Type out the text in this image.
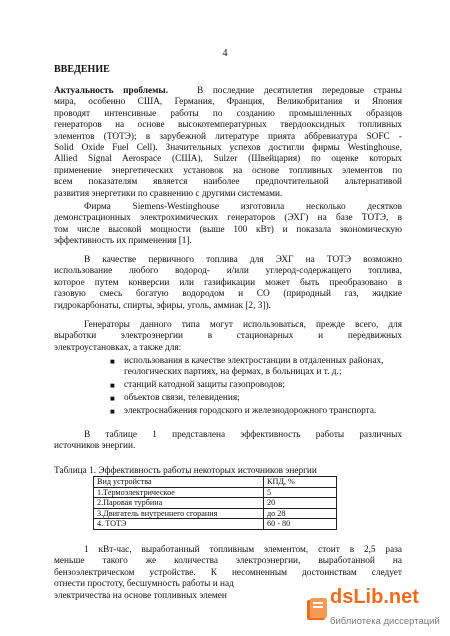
4
ВВЕДЕНИЕ
Актуальность проблемы.	В последние десятилетия передовые страны
мира, особенно США, Германия, Франция, Великобритания и Япония
проводят интенсивные работы по созданию промышленных образцов
генераторов на основе высокотемпературных твердооксидных топливных
элементов (ТОТЭ); в зарубежной литературе приятa аббревиатура SOFC -
Solid Oxide Fuel Cell). Значительных успехов достигли фирмы Westinghouse,
Allied Signal Aerospace (США), Sulzer (Швейцария) по оценке которых
применение энергетических установок на основе топливных элементов по
всем показателям является наиболее предпочтительной альтернативой
развития энергетики по сравнению с другими системами.
Фирма Siemens-Westinghouse изготовила несколько десятков
демонстрационных электрохимических генераторов (ЭХГ) на базе ТОТЭ, в
том числе высокой мощности (выше 100 кВт) и показала экономическую
эффективность их применения [1].
В качестве первичного топлива для ЭХГ на ТОТЭ возможно
использование любого водород- и/или углерод-содержащего топлива,
которое путем конверсии или газификации может быть преобразовано в
газовую смесь богатую водородом и СО (природный газ, жидкие
гидрокарбонаты, спирты, эфиры, уголь, аммиак [2, 3]).
Генераторы данного типа могут использоваться, прежде всего, для
выработки электроэнергии в стационарных и передвижных
электроустановках, а также для:
■ использования в качестве электростанции в отдаленных районах,
геологических партиях, на фермах, в больницах и т. д.;
■ станций катодной защиты газопроводов;
■ объектов связи, телевидения;
■ электроснабжения городского и железнодорожного транспорта.
В таблице 1 представлена эффективность работы различных
источников энергии.
Таблица 1. Эффективность работы некоторых источников энергии
Вид устройства	КПД, %
1.Термоэлектрическое	5
2.Паровая турбина	20
3.Двигатель внутреннего сгорания	до 28
4. ТОТЭ	60 - 80
1 кВт-час, выработанный топливным элементом, стоит в 2,5 раза
меньше такого же количества электроэнергии, выработанной на
бензоэлектрическом устройстве. К несомненным достоинствам следует
отнести простоту, бесшумность работы и над
электричества на основе топливных элемен	dsLib.net
библиотека диссертаций
